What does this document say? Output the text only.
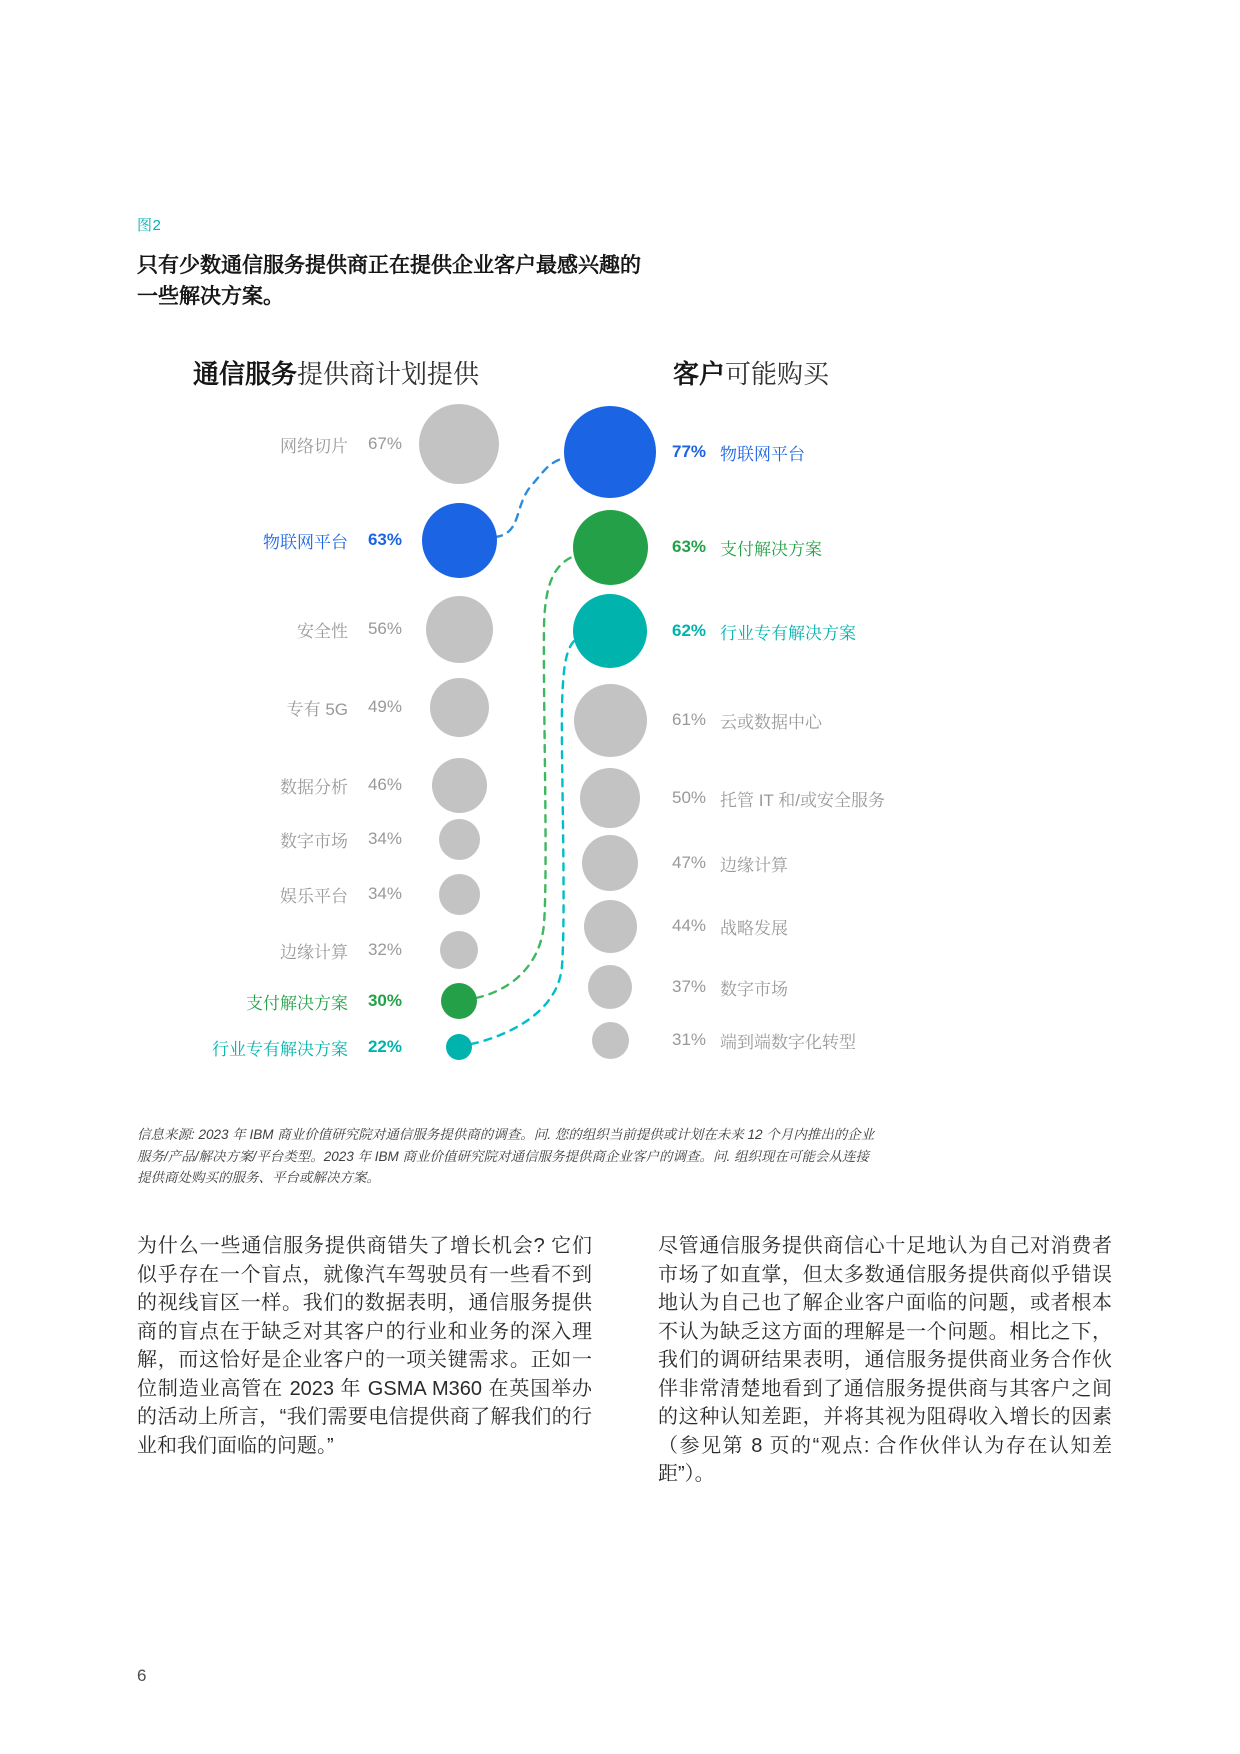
图2
只有少数通信服务提供商正在提供企业客户最感兴趣的
一些解决方案。
通信服务提供商计划提供	客户可能购买
网络切片	67%
物联网平台	63%
安全性	56%
专有 5G	49%
数据分析	46%
数字市场	34%
娱乐平台	34%
边缘计算	32%
支付解决方案	30%
行业专有解决方案	22%
77% 物联网平台
63% 支付解决方案
62% 行业专有解决方案
61% 云或数据中心
50% 托管 IT 和/或安全服务
47% 边缘计算
44% 战略发展
37% 数字市场
31% 端到端数字化转型
信息来源: 2023 年 IBM 商业价值研究院对通信服务提供商的调查。问. 您的组织当前提供或计划在未来 12 个月内推出的企业
服务/产品/解决方案/平台类型。2023 年 IBM 商业价值研究院对通信服务提供商企业客户的调查。问. 组织现在可能会从连接
提供商处购买的服务、平台或解决方案。
为什么一些通信服务提供商错失了增长机会? 它们似乎存在一个盲点，就像汽车驾驶员有一些看不到的视线盲区一样。我们的数据表明，通信服务提供商的盲点在于缺乏对其客户的行业和业务的深入理解，而这恰好是企业客户的一项关键需求。正如一位制造业高管在 2023 年 GSMA M360 在英国举办的活动上所言，“我们需要电信提供商了解我们的行业和我们面临的问题。”
尽管通信服务提供商信心十足地认为自己对消费者市场了如直掌，但太多数通信服务提供商似乎错误地认为自己也了解企业客户面临的问题，或者根本不认为缺乏这方面的理解是一个问题。相比之下，我们的调研结果表明，通信服务提供商业务合作伙伴非常清楚地看到了通信服务提供商与其客户之间的这种认知差距，并将其视为阻碍收入增长的因素（参见第 8 页的“观点: 合作伙伴认为存在认知差距”）。
6
